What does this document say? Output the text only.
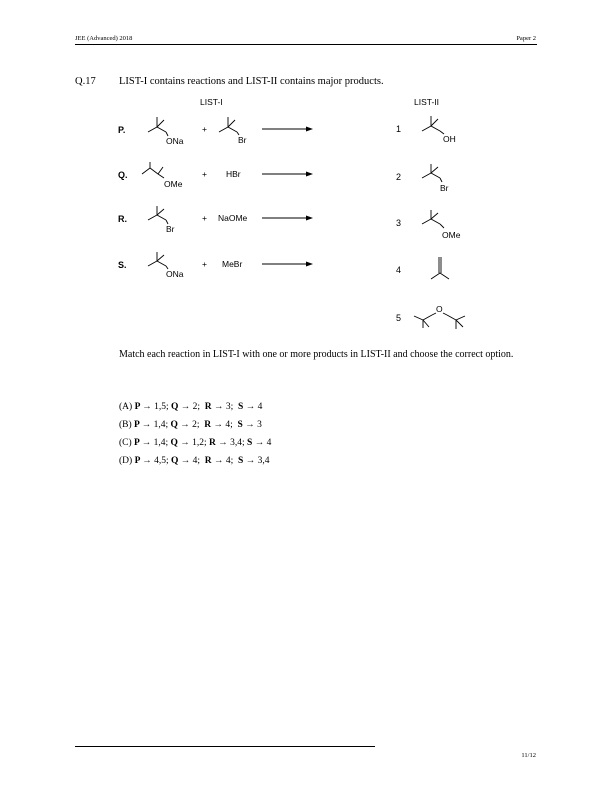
JEE (Advanced) 2018	Paper 2
Q.17 LIST-I contains reactions and LIST-II contains major products.
LIST-I	LIST-II
P.
ONa
+
Br
Q.
OMe
+ HBr
R.
Br
+ NaOMe
S.
ONa
+ MeBr
1
OH
2
Br
3
OMe
4
5
O
Match each reaction in LIST-I with one or more products in LIST-II and choose the correct option.
(A) P → 1,5; Q → 2;  R → 3;  S → 4
(B) P → 1,4; Q → 2;  R → 4;  S → 3
(C) P → 1,4; Q → 1,2; R → 3,4; S → 4
(D) P → 4,5; Q → 4;  R → 4;  S → 3,4
11/12
